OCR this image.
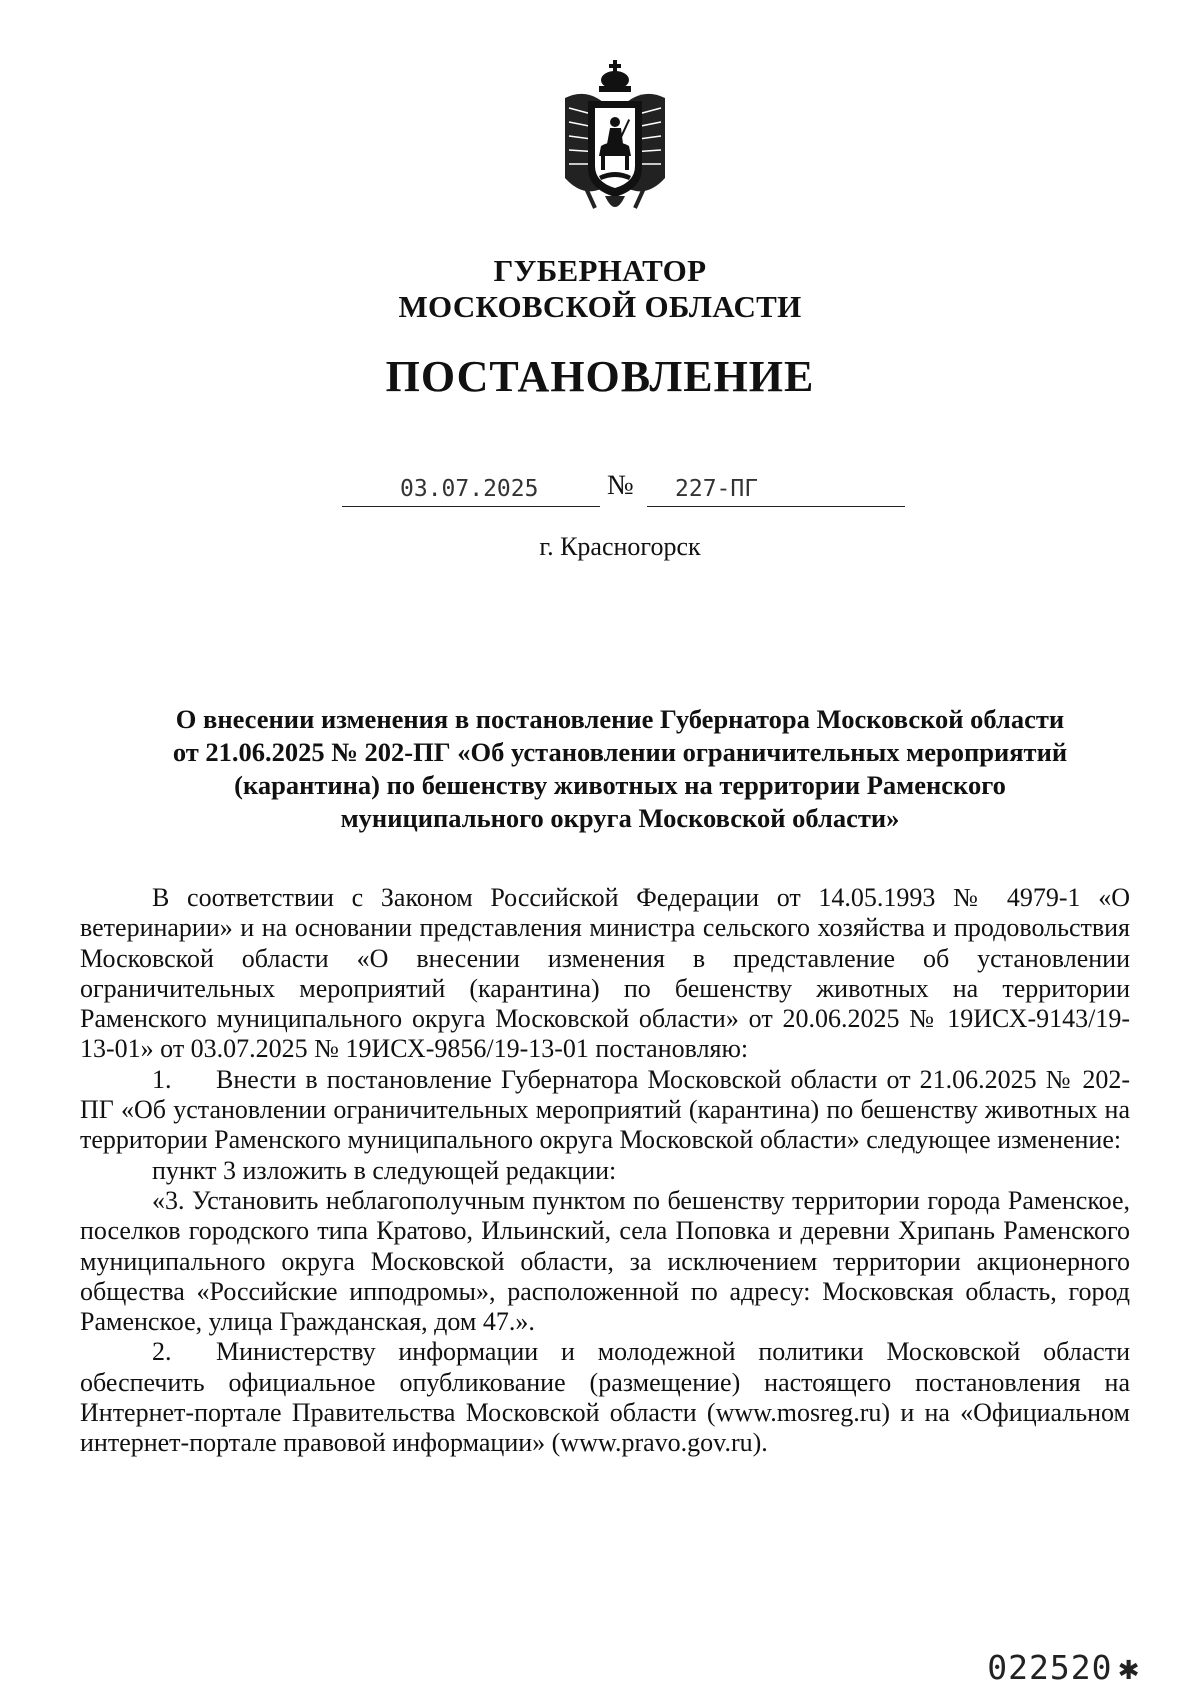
ГУБЕРНАТОР
МОСКОВСКОЙ ОБЛАСТИ
ПОСТАНОВЛЕНИЕ
03.07.2025 № 227-ПГ
г. Красногорск
О внесении изменения в постановление Губернатора Московской области
от 21.06.2025 № 202-ПГ «Об установлении ограничительных мероприятий
(карантина) по бешенству животных на территории Раменского
муниципального округа Московской области»

В соответствии с Законом Российской Федерации от 14.05.1993 № 4979-1 «О ветеринарии» и на основании представления министра сельского хозяйства и продовольствия Московской области «О внесении изменения в представление об установлении ограничительных мероприятий (карантина) по бешенству животных на территории Раменского муниципального округа Московской области» от 20.06.2025 № 19ИСХ-9143/19-13-01» от 03.07.2025 № 19ИСХ-9856/19-13-01 постановляю:

1. Внести в постановление Губернатора Московской области от 21.06.2025 № 202-ПГ «Об установлении ограничительных мероприятий (карантина) по бешенству животных на территории Раменского муниципального округа Московской области» следующее изменение:

пункт 3 изложить в следующей редакции:

«3. Установить неблагополучным пунктом по бешенству территории города Раменское, поселков городского типа Кратово, Ильинский, села Поповка и деревни Хрипань Раменского муниципального округа Московской области, за исключением территории акционерного общества «Российские ипподромы», расположенной по адресу: Московская область, город Раменское, улица Гражданская, дом 47.».

2. Министерству информации и молодежной политики Московской области обеспечить официальное опубликование (размещение) настоящего постановления на Интернет-портале Правительства Московской области (www.mosreg.ru) и на «Официальном интернет-портале правовой информации» (www.pravo.gov.ru).

022520 ✱
